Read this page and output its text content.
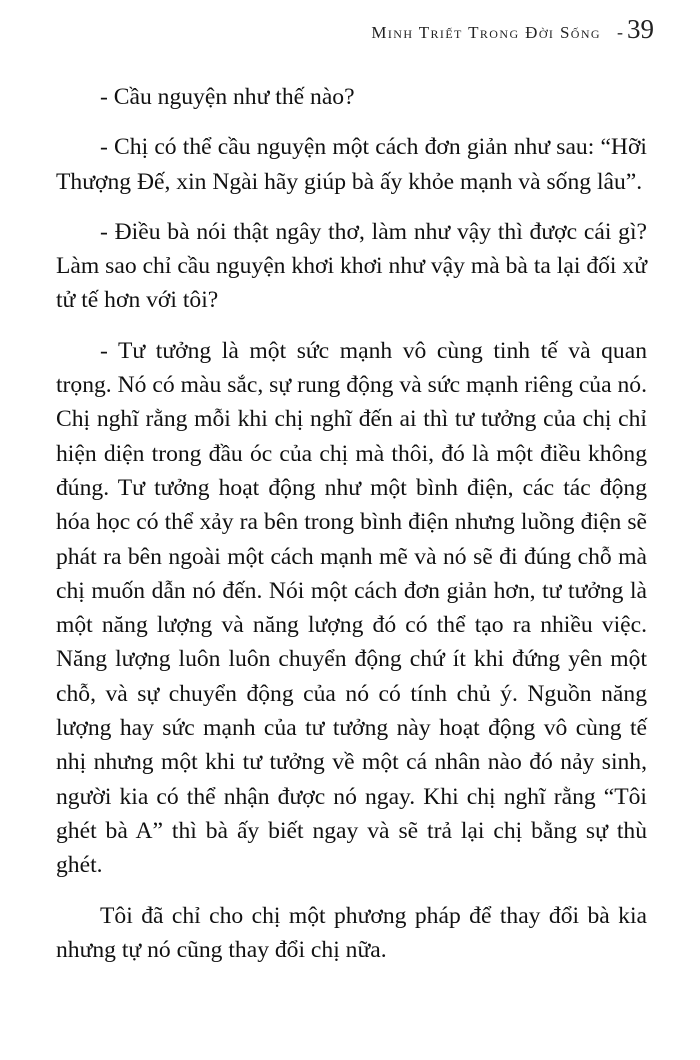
Minh Triết Trong Đời Sống - 39

- Cầu nguyện như thế nào?

- Chị có thể cầu nguyện một cách đơn giản như sau: “Hỡi Thượng Đế, xin Ngài hãy giúp bà ấy khỏe mạnh và sống lâu”.

- Điều bà nói thật ngây thơ, làm như vậy thì được cái gì? Làm sao chỉ cầu nguyện khơi khơi như vậy mà bà ta lại đối xử tử tế hơn với tôi?

- Tư tưởng là một sức mạnh vô cùng tinh tế và quan trọng. Nó có màu sắc, sự rung động và sức mạnh riêng của nó. Chị nghĩ rằng mỗi khi chị nghĩ đến ai thì tư tưởng của chị chỉ hiện diện trong đầu óc của chị mà thôi, đó là một điều không đúng. Tư tưởng hoạt động như một bình điện, các tác động hóa học có thể xảy ra bên trong bình điện nhưng luồng điện sẽ phát ra bên ngoài một cách mạnh mẽ và nó sẽ đi đúng chỗ mà chị muốn dẫn nó đến. Nói một cách đơn giản hơn, tư tưởng là một năng lượng và năng lượng đó có thể tạo ra nhiều việc. Năng lượng luôn luôn chuyển động chứ ít khi đứng yên một chỗ, và sự chuyển động của nó có tính chủ ý. Nguồn năng lượng hay sức mạnh của tư tưởng này hoạt động vô cùng tế nhị nhưng một khi tư tưởng về một cá nhân nào đó nảy sinh, người kia có thể nhận được nó ngay. Khi chị nghĩ rằng “Tôi ghét bà A” thì bà ấy biết ngay và sẽ trả lại chị bằng sự thù ghét.

Tôi đã chỉ cho chị một phương pháp để thay đổi bà kia nhưng tự nó cũng thay đổi chị nữa.
